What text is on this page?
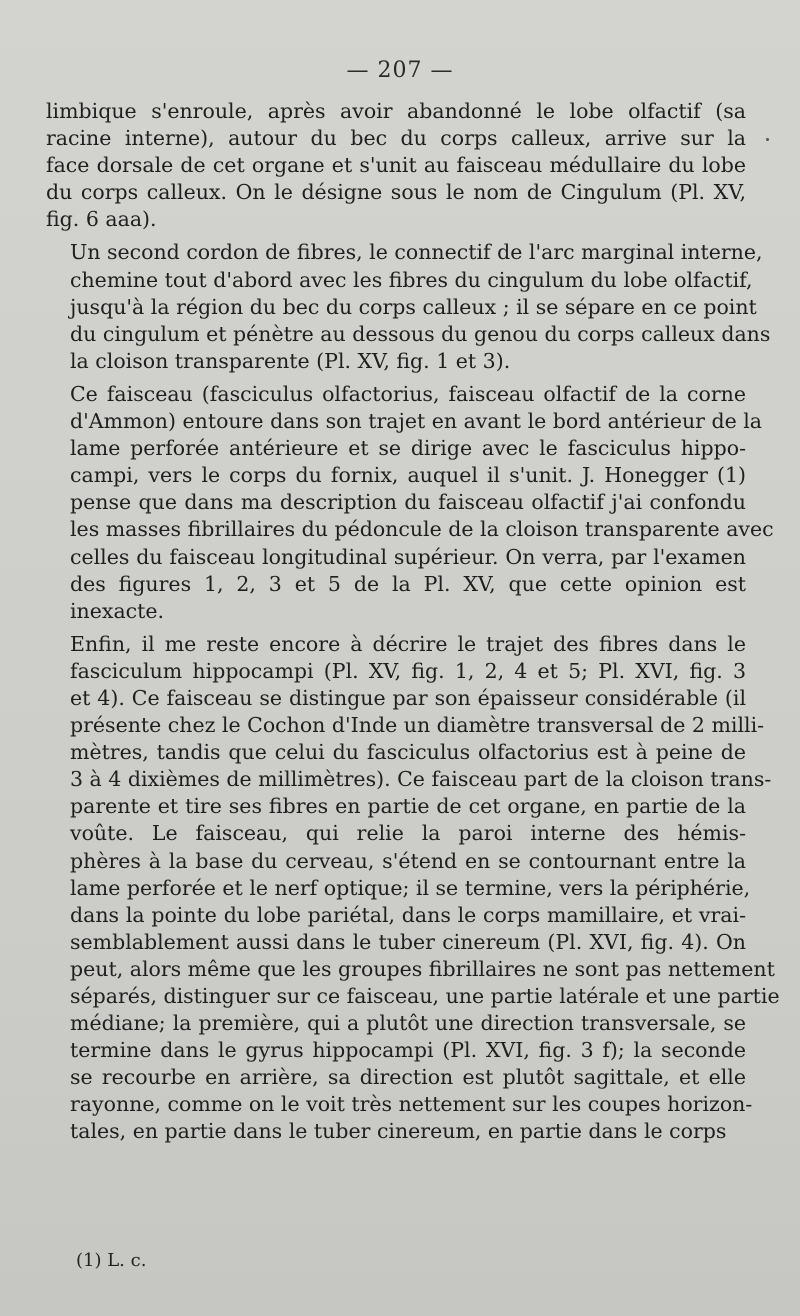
— 207 —
limbique s'enroule, après avoir abandonné le lobe olfactif (sa
racine interne), autour du bec du corps calleux, arrive sur la
face dorsale de cet organe et s'unit au faisceau médullaire du lobe
du corps calleux. On le désigne sous le nom de Cingulum (Pl. XV,
fig. 6 aaa).
Un second cordon de fibres, le connectif de l'arc marginal interne,
chemine tout d'abord avec les fibres du cingulum du lobe olfactif,
jusqu'à la région du bec du corps calleux ; il se sépare en ce point
du cingulum et pénètre au dessous du genou du corps calleux dans
la cloison transparente (Pl. XV, fig. 1 et 3).
Ce faisceau (fasciculus olfactorius, faisceau olfactif de la corne
d'Ammon) entoure dans son trajet en avant le bord antérieur de la
lame perforée antérieure et se dirige avec le fasciculus hippo-
campi, vers le corps du fornix, auquel il s'unit. J. Honegger (1)
pense que dans ma description du faisceau olfactif j'ai confondu
les masses fibrillaires du pédoncule de la cloison transparente avec
celles du faisceau longitudinal supérieur. On verra, par l'examen
des figures 1, 2, 3 et 5 de la Pl. XV, que cette opinion est
inexacte.
Enfin, il me reste encore à décrire le trajet des fibres dans le
fasciculum hippocampi (Pl. XV, fig. 1, 2, 4 et 5; Pl. XVI, fig. 3
et 4). Ce faisceau se distingue par son épaisseur considérable (il
présente chez le Cochon d'Inde un diamètre transversal de 2 milli-
mètres, tandis que celui du fasciculus olfactorius est à peine de
3 à 4 dixièmes de millimètres). Ce faisceau part de la cloison trans-
parente et tire ses fibres en partie de cet organe, en partie de la
voûte. Le faisceau, qui relie la paroi interne des hémis-
phères à la base du cerveau, s'étend en se contournant entre la
lame perforée et le nerf optique; il se termine, vers la périphérie,
dans la pointe du lobe pariétal, dans le corps mamillaire, et vrai-
semblablement aussi dans le tuber cinereum (Pl. XVI, fig. 4). On
peut, alors même que les groupes fibrillaires ne sont pas nettement
séparés, distinguer sur ce faisceau, une partie latérale et une partie
médiane; la première, qui a plutôt une direction transversale, se
termine dans le gyrus hippocampi (Pl. XVI, fig. 3 f); la seconde
se recourbe en arrière, sa direction est plutôt sagittale, et elle
rayonne, comme on le voit très nettement sur les coupes horizon-
tales, en partie dans le tuber cinereum, en partie dans le corps
(1) L. c.
